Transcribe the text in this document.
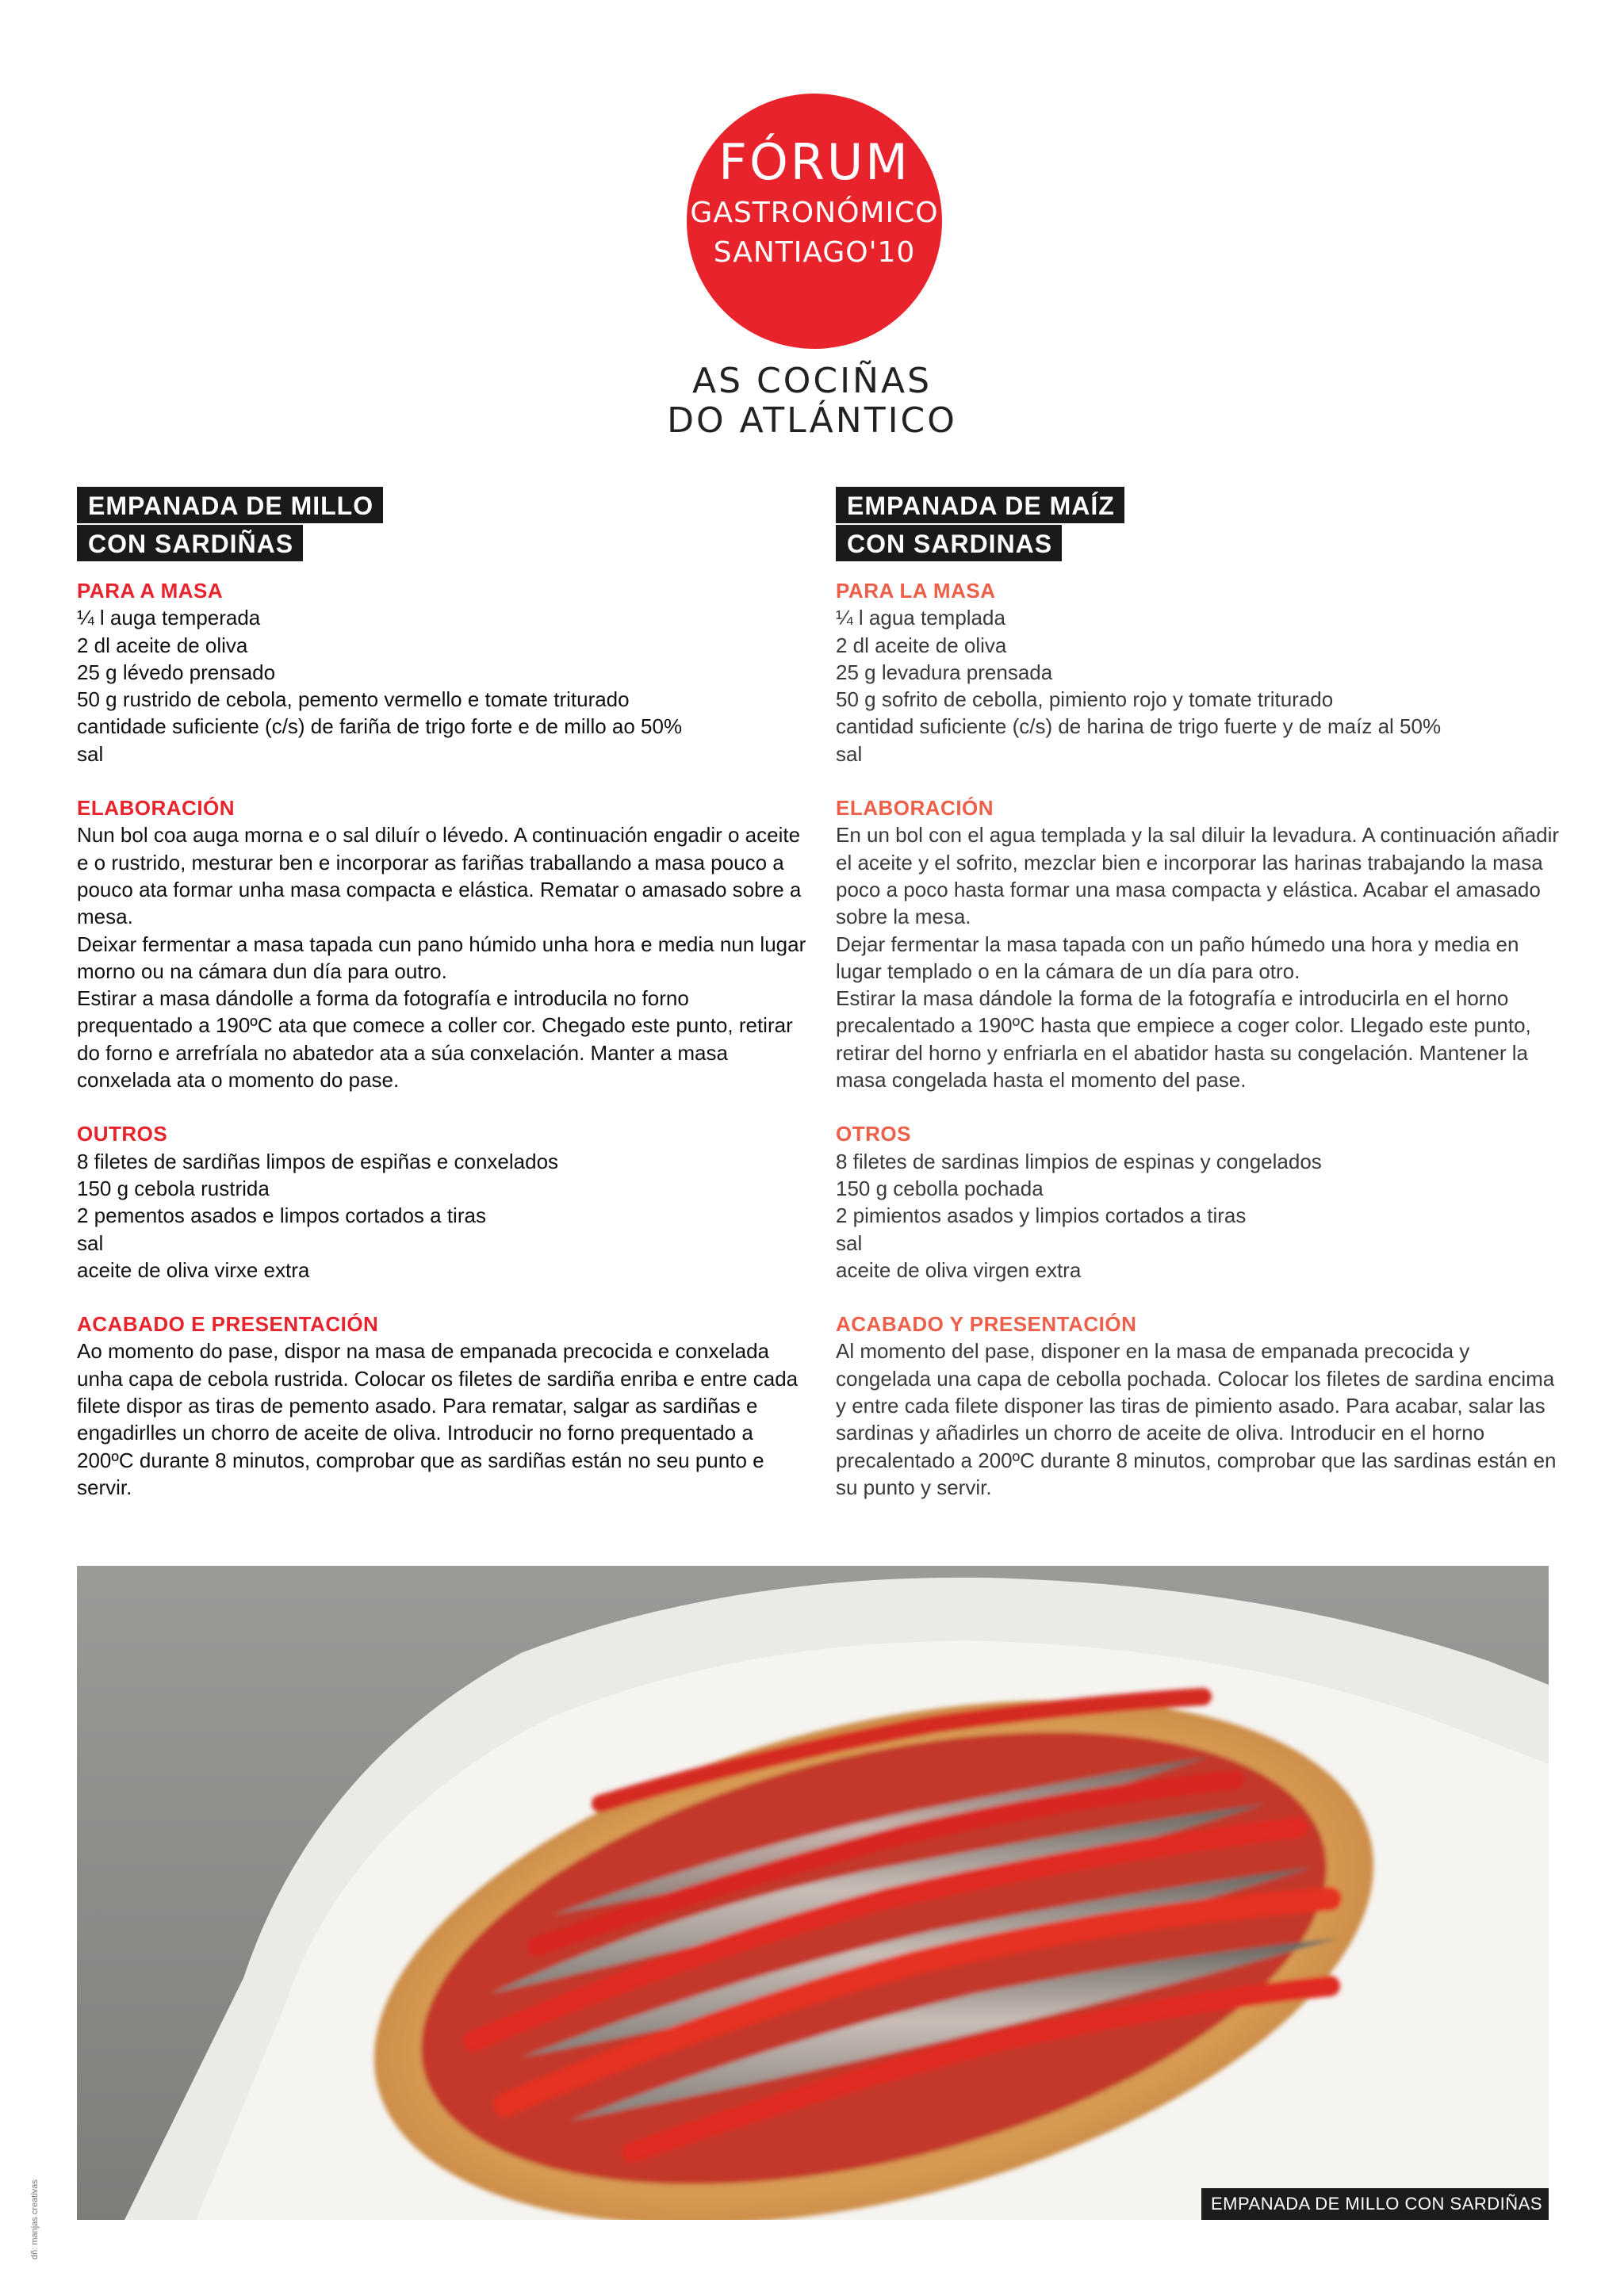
FÓRUM
GASTRONÓMICO
SANTIAGO'10
AS COCIÑAS
DO ATLÁNTICO
EMPANADA DE MILLO
CON SARDIÑAS

PARA A MASA

¼ l auga temperada

2 dl aceite de oliva

25 g lévedo prensado

50 g rustrido de cebola, pemento vermello e tomate triturado

cantidade suficiente (c/s) de fariña de trigo forte e de millo ao 50%

sal

ELABORACIÓN

Nun bol coa auga morna e o sal diluír o lévedo. A continuación engadir o aceite e o rustrido, mesturar ben e incorporar as fariñas traballando a masa pouco a pouco ata formar unha masa compacta e elástica. Rematar o amasado sobre a mesa.

Deixar fermentar a masa tapada cun pano húmido unha hora e media nun lugar morno ou na cámara dun día para outro.

Estirar a masa dándolle a forma da fotografía e introducila no forno prequentado a 190ºC ata que comece a coller cor. Chegado este punto, retirar do forno e arrefríala no abatedor ata a súa conxelación. Manter a masa conxelada ata o momento do pase.

OUTROS

8 filetes de sardiñas limpos de espiñas e conxelados

150 g cebola rustrida

2 pementos asados e limpos cortados a tiras

sal

aceite de oliva virxe extra

ACABADO E PRESENTACIÓN

Ao momento do pase, dispor na masa de empanada precocida e conxelada unha capa de cebola rustrida. Colocar os filetes de sardiña enriba e entre cada filete dispor as tiras de pemento asado. Para rematar, salgar as sardiñas e engadirlles un chorro de aceite de oliva. Introducir no forno prequentado a 200ºC durante 8 minutos, comprobar que as sardiñas están no seu punto e servir.

EMPANADA DE MAÍZ
CON SARDINAS

PARA LA MASA

¼ l agua templada

2 dl aceite de oliva

25 g levadura prensada

50 g sofrito de cebolla, pimiento rojo y tomate triturado

cantidad suficiente (c/s) de harina de trigo fuerte y de maíz al 50%

sal

ELABORACIÓN

En un bol con el agua templada y la sal diluir la levadura. A continuación añadir el aceite y el sofrito, mezclar bien e incorporar las harinas trabajando la masa poco a poco hasta formar una masa compacta y elástica. Acabar el amasado sobre la mesa.

Dejar fermentar la masa tapada con un paño húmedo una hora y media en lugar templado o en la cámara de un día para otro.

Estirar la masa dándole la forma de la fotografía e introducirla en el horno precalentado a 190ºC hasta que empiece a coger color. Llegado este punto, retirar del horno y enfriarla en el abatidor hasta su congelación. Mantener la masa congelada hasta el momento del pase.

OTROS

8 filetes de sardinas limpios de espinas y congelados

150 g cebolla pochada

2 pimientos asados y limpios cortados a tiras

sal

aceite de oliva virgen extra

ACABADO Y PRESENTACIÓN

Al momento del pase, disponer en la masa de empanada precocida y congelada una capa de cebolla pochada. Colocar los filetes de sardina encima y entre cada filete disponer las tiras de pimiento asado. Para acabar, salar las sardinas y añadirles un chorro de aceite de oliva. Introducir en el horno precalentado a 200ºC durante 8 minutos, comprobar que las sardinas están en su punto y servir.

EMPANADA DE MILLO CON SARDIÑAS
dñ: manjas creativas
